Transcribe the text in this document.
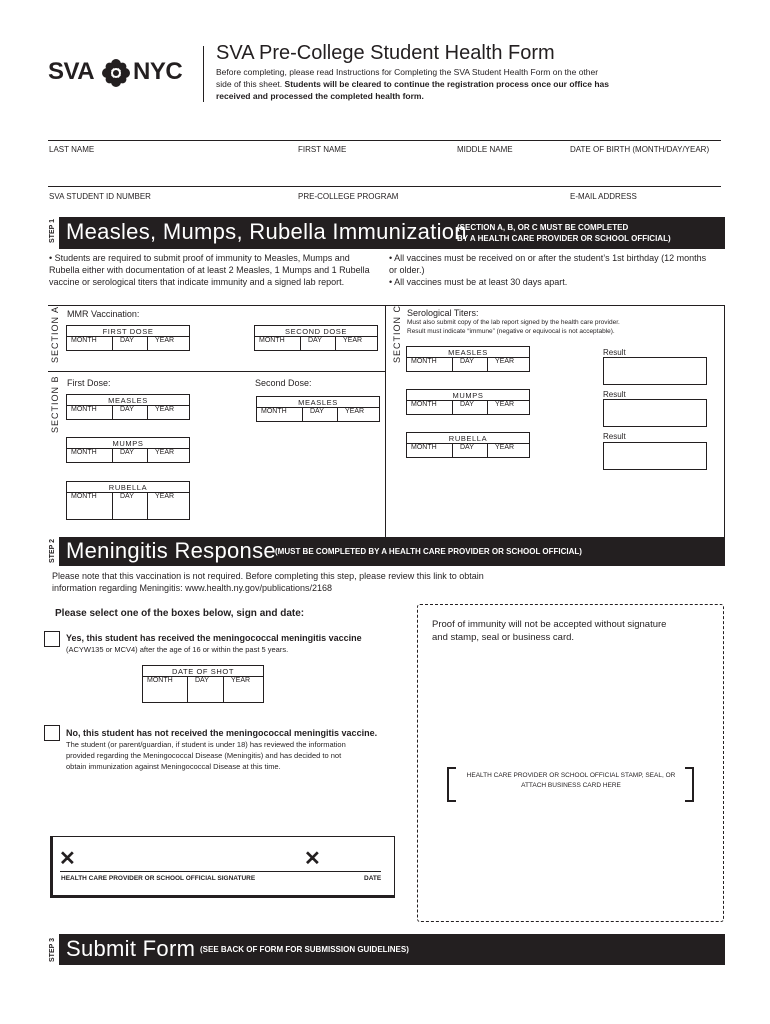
SVA NYC
SVA Pre-College Student Health Form
Before completing, please read Instructions for Completing the SVA Student Health Form on the other side of this sheet. Students will be cleared to continue the registration process once our office has received and processed the completed health form.
LAST NAME	FIRST NAME	MIDDLE NAME	DATE OF BIRTH (MONTH/DAY/YEAR)
SVA STUDENT ID NUMBER	PRE-COLLEGE PROGRAM	E-MAIL ADDRESS
STEP 1 Measles, Mumps, Rubella Immunization
(SECTION A, B, OR C MUST BE COMPLETED
BY A HEALTH CARE PROVIDER OR SCHOOL OFFICIAL)
• Students are required to submit proof of immunity to Measles, Mumps and Rubella either with documentation of at least 2 Measles, 1 Mumps and 1 Rubella vaccine or serological titers that indicate immunity and a signed lab report.
• All vaccines must be received on or after the student’s 1st birthday (12 months or older.)
• All vaccines must be at least 30 days apart.
SECTION A MMR Vaccination:
FIRST DOSE
MONTH	DAY	YEAR
SECOND DOSE
MONTH	DAY	YEAR
SECTION B First Dose:	Second Dose:
MEASLES
MONTH	DAY	YEAR
MEASLES
MONTH	DAY	YEAR
MUMPS
MONTH	DAY	YEAR
RUBELLA
MONTH	DAY	YEAR
SECTION C Serological Titers:
Must also submit copy of the lab report signed by the health care provider.
Result must indicate “immune” (negative or equivocal is not acceptable).
MEASLES
MONTH	DAY	YEAR
Result
MUMPS
MONTH	DAY	YEAR
Result
RUBELLA
MONTH	DAY	YEAR
Result
STEP 2 Meningitis Response (MUST BE COMPLETED BY A HEALTH CARE PROVIDER OR SCHOOL OFFICIAL)
Please note that this vaccination is not required. Before completing this step, please review this link to obtain
information regarding Meningitis: www.health.ny.gov/publications/2168
Please select one of the boxes below, sign and date:
Yes, this student has received the meningococcal meningitis vaccine
(ACYW135 or MCV4) after the age of 16 or within the past 5 years.
DATE OF SHOT
MONTH	DAY	YEAR
No, this student has not received the meningococcal meningitis vaccine.
The student (or parent/guardian, if student is under 18) has reviewed the information
provided regarding the Meningococcal Disease (Meningitis) and has decided to not
obtain immunization against Meningococcal Disease at this time.
Proof of immunity will not be accepted without signature
and stamp, seal or business card.
HEALTH CARE PROVIDER OR SCHOOL OFFICIAL STAMP, SEAL, OR
ATTACH BUSINESS CARD HERE
✕	✕
HEALTH CARE PROVIDER OR SCHOOL OFFICIAL SIGNATURE	DATE
STEP 3 Submit Form (SEE BACK OF FORM FOR SUBMISSION GUIDELINES)
